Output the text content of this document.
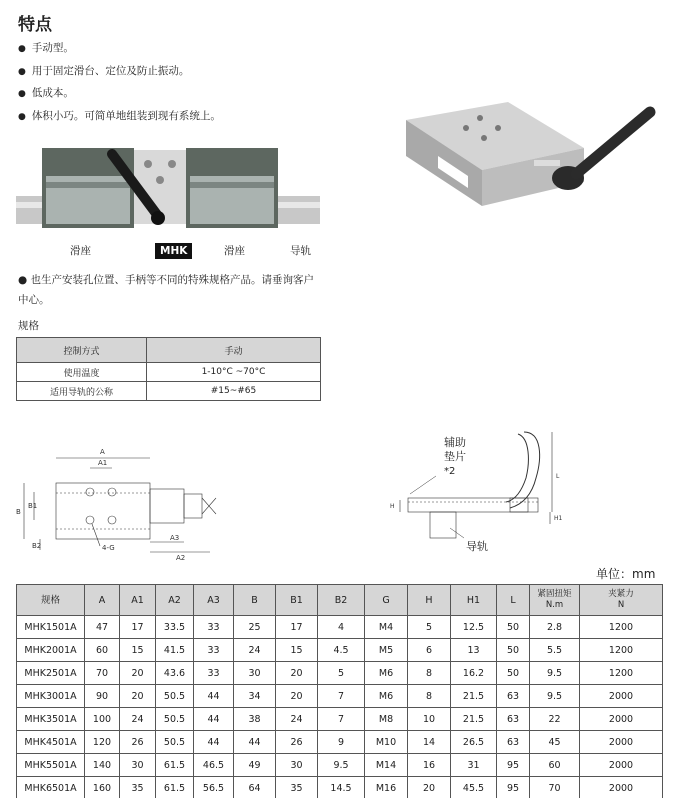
特点
● 手动型。
● 用于固定滑台、定位及防止振动。
● 低成本。
● 体积小巧。可简单地组装到现有系统上。
滑座	MHK	滑座	导轨
● 也生产安装孔位置、手柄等不同的特殊规格产品。请垂询客户中心。
规格
控制方式	手动
使用温度	1-10°C ~70°C
适用导轨的公称	#15~#65
A
A1
A3
A2
B
B1
B2	4-G
辅助
垫片
*2
导轨
L
H
H1
单位：mm
规格	A	A1	A2	A3	B	B1	B2	G	H	H1	L	紧固扭矩
N.m	夹紧力
N
MHK1501A	47	17	33.5	33	25	17	4	M4	5	12.5	50	2.8	1200
MHK2001A	60	15	41.5	33	24	15	4.5	M5	6	13	50	5.5	1200
MHK2501A	70	20	43.6	33	30	20	5	M6	8	16.2	50	9.5	1200
MHK3001A	90	20	50.5	44	34	20	7	M6	8	21.5	63	9.5	2000
MHK3501A	100	24	50.5	44	38	24	7	M8	10	21.5	63	22	2000
MHK4501A	120	26	50.5	44	44	26	9	M10	14	26.5	63	45	2000
MHK5501A	140	30	61.5	46.5	49	30	9.5	M14	16	31	95	60	2000
MHK6501A	160	35	61.5	56.5	64	35	14.5	M16	20	45.5	95	70	2000
